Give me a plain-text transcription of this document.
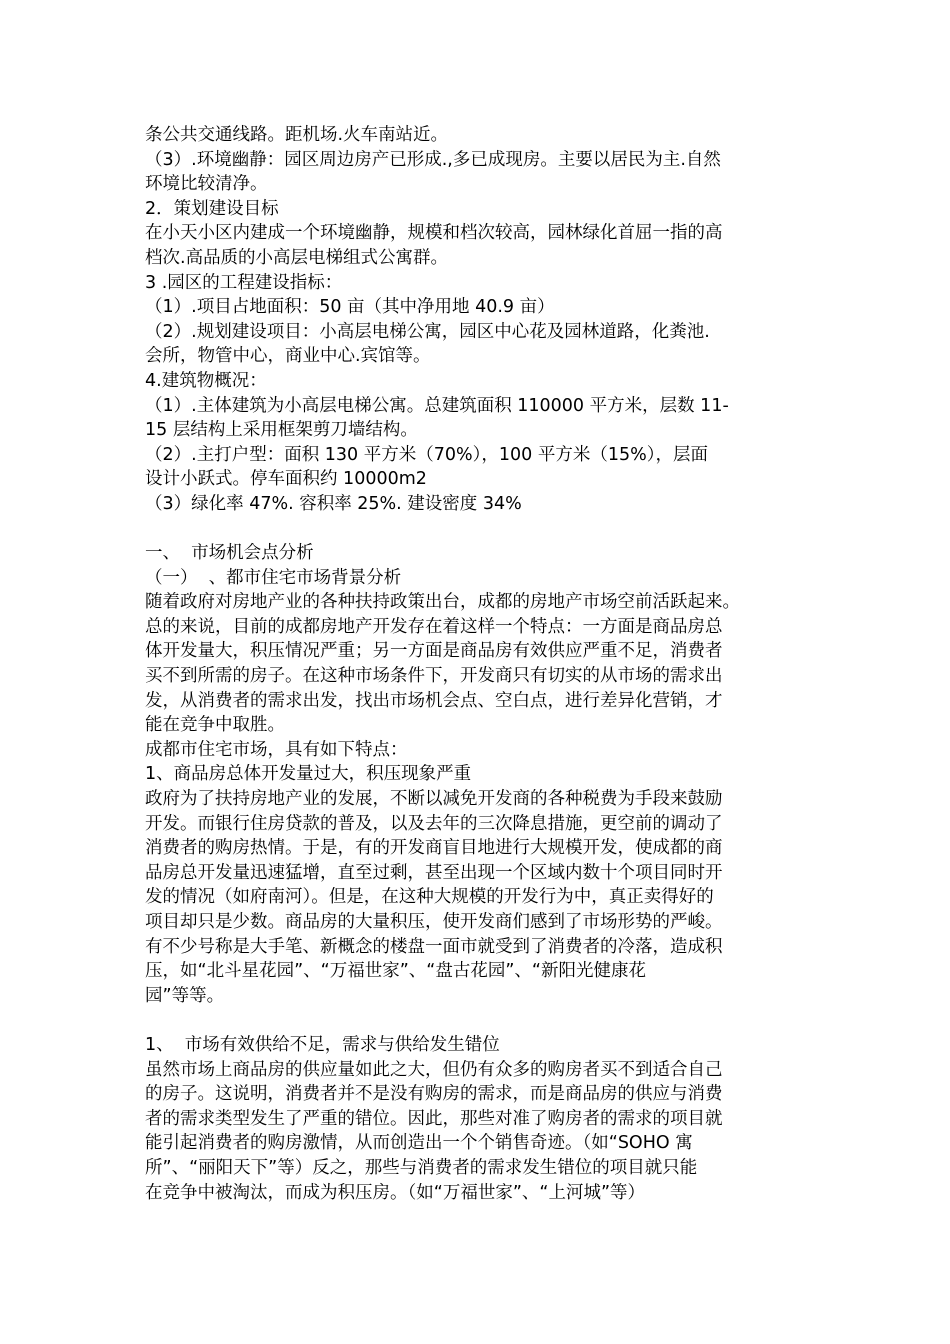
条公共交通线路。距机场.火车南站近。
（3）.环境幽静：园区周边房产已形成.,多已成现房。主要以居民为主.自然
环境比较清净。
2．策划建设目标
在小天小区内建成一个环境幽静，规模和档次较高，园林绿化首屈一指的高
档次.高品质的小高层电梯组式公寓群。
3 .园区的工程建设指标：
（1）.项目占地面积：50 亩（其中净用地 40.9 亩）
（2）.规划建设项目：小高层电梯公寓，园区中心花及园林道路，化粪池.
会所，物管中心，商业中心.宾馆等。
4.建筑物概况：
（1）.主体建筑为小高层电梯公寓。总建筑面积 110000 平方米，层数 11-
15 层结构上采用框架剪刀墙结构。
（2）.主打户型：面积 130 平方米（70%），100 平方米（15%），层面
设计小跃式。停车面积约 10000m2
（3）绿化率 47%. 容积率 25%. 建设密度 34%
一、  市场机会点分析
（一）  、都市住宅市场背景分析
随着政府对房地产业的各种扶持政策出台，成都的房地产市场空前活跃起来。
总的来说，目前的成都房地产开发存在着这样一个特点：一方面是商品房总
体开发量大，积压情况严重；另一方面是商品房有效供应严重不足，消费者
买不到所需的房子。在这种市场条件下，开发商只有切实的从市场的需求出
发，从消费者的需求出发，找出市场机会点、空白点，进行差异化营销，才
能在竞争中取胜。
成都市住宅市场，具有如下特点：
1、商品房总体开发量过大，积压现象严重
政府为了扶持房地产业的发展，不断以减免开发商的各种税费为手段来鼓励
开发。而银行住房贷款的普及，以及去年的三次降息措施，更空前的调动了
消费者的购房热情。于是，有的开发商盲目地进行大规模开发，使成都的商
品房总开发量迅速猛增，直至过剩，甚至出现一个区域内数十个项目同时开
发的情况（如府南河）。但是，在这种大规模的开发行为中，真正卖得好的
项目却只是少数。商品房的大量积压，使开发商们感到了市场形势的严峻。
有不少号称是大手笔、新概念的楼盘一面市就受到了消费者的冷落，造成积
压，如“北斗星花园”、“万福世家”、“盘古花园”、“新阳光健康花
园”等等。
1、  市场有效供给不足，需求与供给发生错位
虽然市场上商品房的供应量如此之大，但仍有众多的购房者买不到适合自己
的房子。这说明，消费者并不是没有购房的需求，而是商品房的供应与消费
者的需求类型发生了严重的错位。因此，那些对准了购房者的需求的项目就
能引起消费者的购房激情，从而创造出一个个销售奇迹。（如“SOHO 寓
所”、“丽阳天下”等）反之，那些与消费者的需求发生错位的项目就只能
在竞争中被淘汰，而成为积压房。（如“万福世家”、“上河城”等）
